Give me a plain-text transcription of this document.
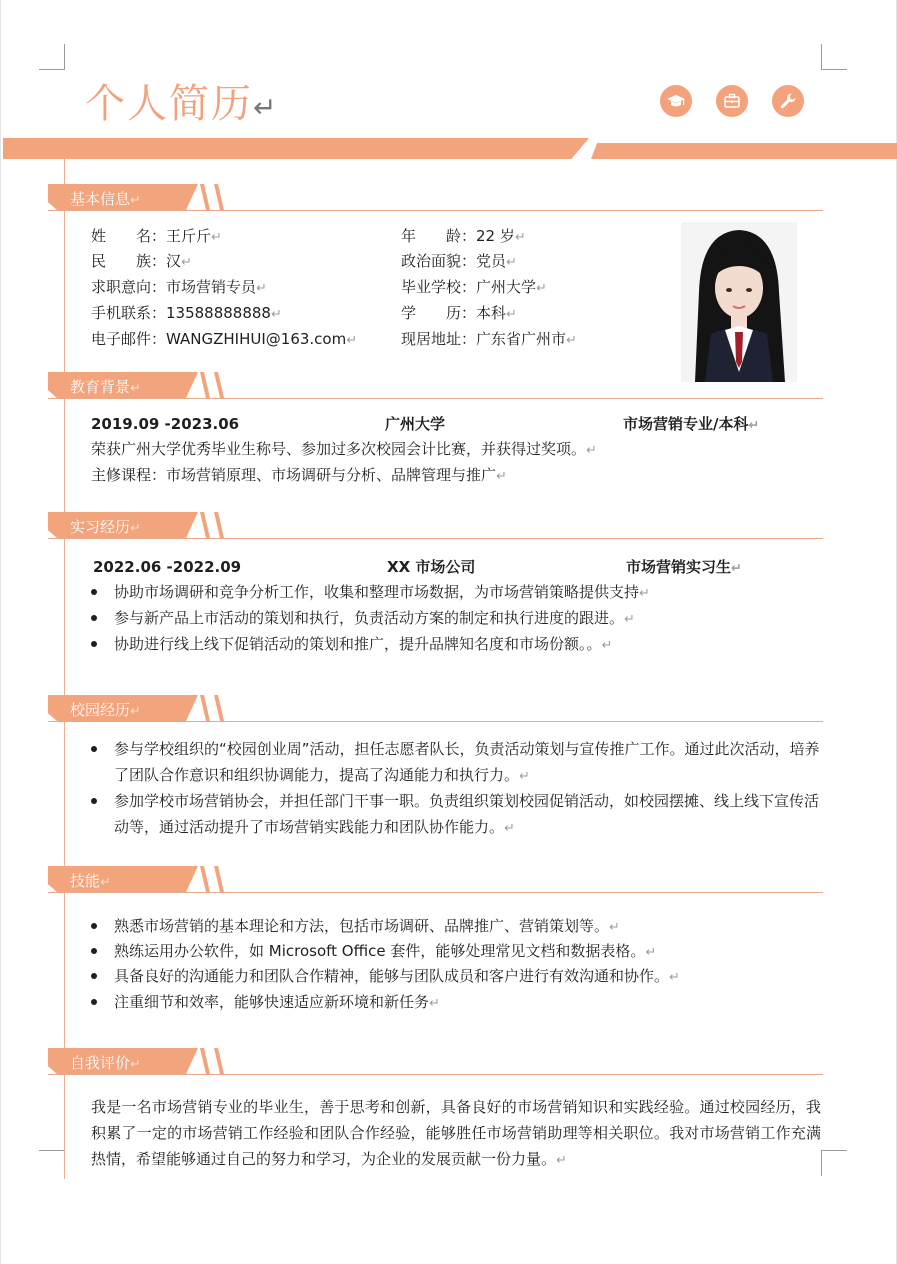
个人简历↵
基本信息↵
姓　　名：王斤斤↵	年　　龄：22 岁↵
民　　族：汉↵	政治面貌：党员↵
求职意向：市场营销专员↵	毕业学校：广州大学↵
手机联系：13588888888↵	学　　历：本科↵
电子邮件：WANGZHIHUI@163.com↵	现居地址：广东省广州市↵
教育背景↵
2019.09 -2023.06	广州大学	市场营销专业/本科↵
荣获广州大学优秀毕业生称号、参加过多次校园会计比赛，并获得过奖项。↵
主修课程：市场营销原理、市场调研与分析、品牌管理与推广↵
实习经历↵
2022.06 -2022.09	XX 市场公司	市场营销实习生↵
协助市场调研和竞争分析工作，收集和整理市场数据，为市场营销策略提供支持↵
参与新产品上市活动的策划和执行，负责活动方案的制定和执行进度的跟进。↵
协助进行线上线下促销活动的策划和推广，提升品牌知名度和市场份额。。↵
校园经历↵
参与学校组织的“校园创业周”活动，担任志愿者队长，负责活动策划与宣传推广工作。通过此次活动，培养了团队合作意识和组织协调能力，提高了沟通能力和执行力。↵
参加学校市场营销协会，并担任部门干事一职。负责组织策划校园促销活动，如校园摆摊、线上线下宣传活动等，通过活动提升了市场营销实践能力和团队协作能力。↵
技能↵
熟悉市场营销的基本理论和方法，包括市场调研、品牌推广、营销策划等。↵
熟练运用办公软件，如 Microsoft Office 套件，能够处理常见文档和数据表格。↵
具备良好的沟通能力和团队合作精神，能够与团队成员和客户进行有效沟通和协作。↵
注重细节和效率，能够快速适应新环境和新任务↵
自我评价↵
我是一名市场营销专业的毕业生，善于思考和创新，具备良好的市场营销知识和实践经验。通过校园经历，我积累了一定的市场营销工作经验和团队合作经验，能够胜任市场营销助理等相关职位。我对市场营销工作充满热情，希望能够通过自己的努力和学习，为企业的发展贡献一份力量。↵
